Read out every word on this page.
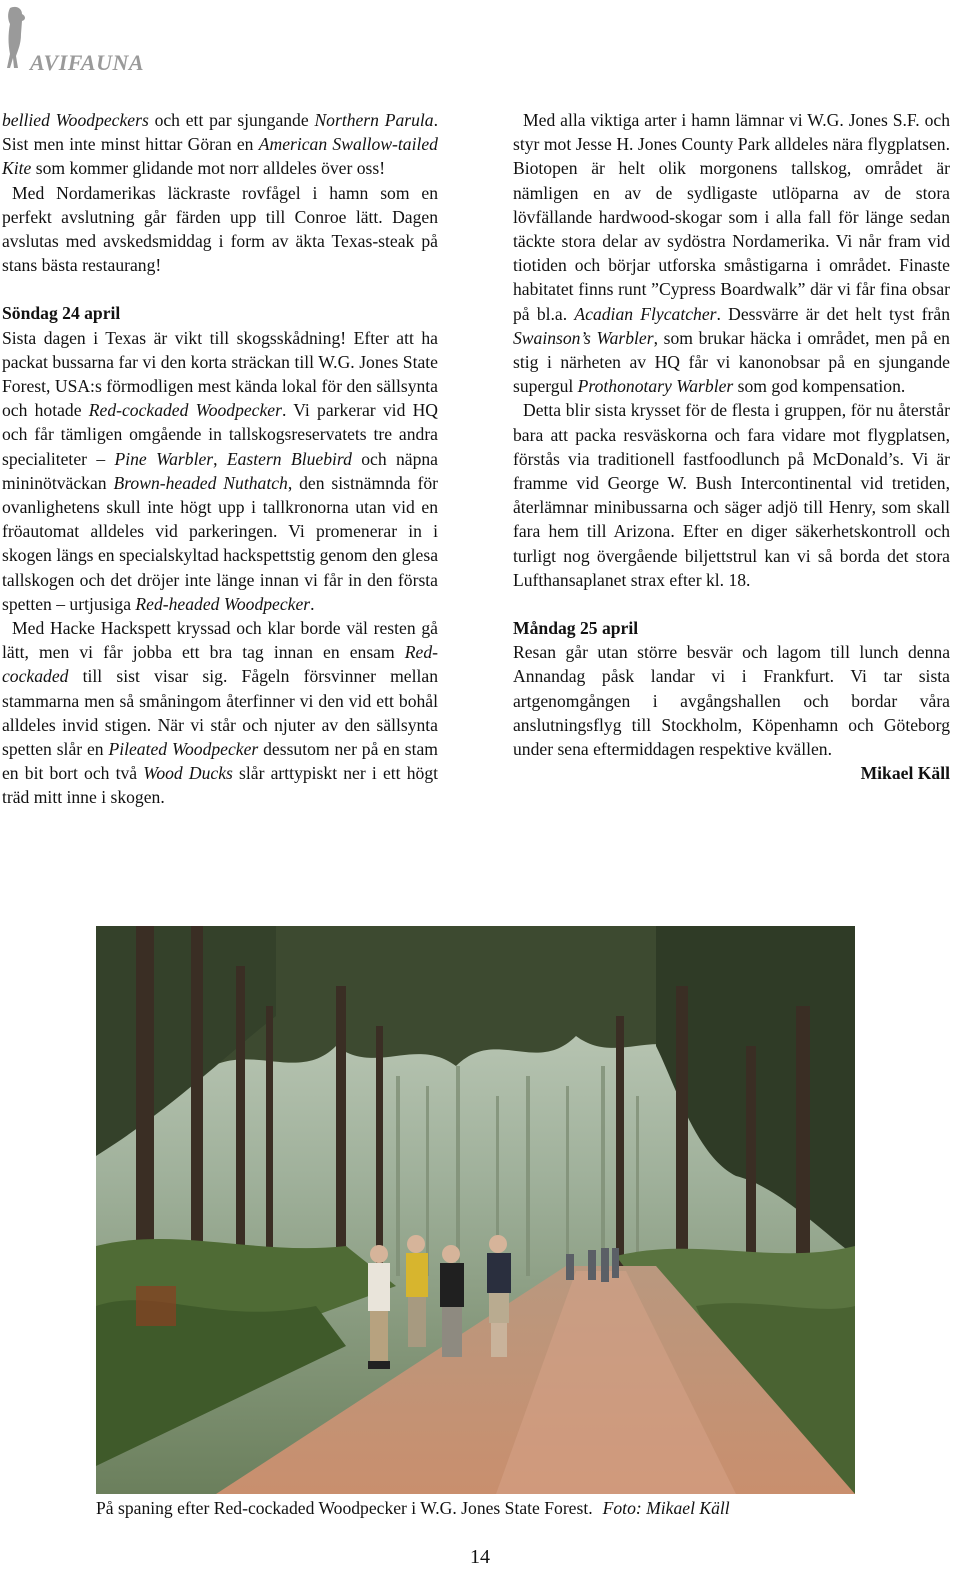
AVIFAUNA

bellied Woodpeckers och ett par sjungande Northern Parula. Sist men inte minst hittar Göran en American Swallow-tailed Kite som kommer glidande mot norr alldeles över oss!

Med Nordamerikas läckraste rovfågel i hamn som en perfekt avslutning går färden upp till Conroe lätt. Dagen avslutas med avskedsmiddag i form av äkta Texas-steak på stans bästa restaurang!

Söndag 24 april

Sista dagen i Texas är vikt till skogsskådning! Efter att ha packat bussarna far vi den korta sträckan till W.G. Jones State Forest, USA:s förmodligen mest kända lokal för den sällsynta och hotade Red-cockaded Woodpecker. Vi parkerar vid HQ och får tämligen omgående in tallskogsreservatets tre andra specialiteter – Pine Warbler, Eastern Bluebird och näpna mininötväckan Brown-headed Nuthatch, den sistnämnda för ovanlighetens skull inte högt upp i tallkronorna utan vid en fröautomat alldeles vid parkeringen. Vi promenerar in i skogen längs en specialskyltad hackspettstig genom den glesa tallskogen och det dröjer inte länge innan vi får in den första spetten – urtjusiga Red-headed Woodpecker.

Med Hacke Hackspett kryssad och klar borde väl resten gå lätt, men vi får jobba ett bra tag innan en ensam Red-cockaded till sist visar sig. Fågeln försvinner mellan stammarna men så småningom återfinner vi den vid ett bohål alldeles invid stigen. När vi står och njuter av den sällsynta spetten slår en Pileated Woodpecker dessutom ner på en stam en bit bort och två Wood Ducks slår arttypiskt ner i ett högt träd mitt inne i skogen.

Med alla viktiga arter i hamn lämnar vi W.G. Jones S.F. och styr mot Jesse H. Jones County Park alldeles nära flygplatsen. Biotopen är helt olik morgonens tallskog, området är nämligen en av de sydligaste utlöparna av de stora lövfällande hardwood-skogar som i alla fall för länge sedan täckte stora delar av sydöstra Nordamerika. Vi når fram vid tiotiden och börjar utforska småstigarna i området. Finaste habitatet finns runt ”Cypress Boardwalk” där vi får fina obsar på bl.a. Acadian Flycatcher. Dessvärre är det helt tyst från Swainson’s Warbler, som brukar häcka i området, men på en stig i närheten av HQ får vi kanonobsar på en sjungande supergul Prothonotary Warbler som god kompensation.

Detta blir sista krysset för de flesta i gruppen, för nu återstår bara att packa resväskorna och fara vidare mot flygplatsen, förstås via traditionell fastfoodlunch på McDonald’s. Vi är framme vid George W. Bush Intercontinental vid tretiden, återlämnar minibussarna och säger adjö till Henry, som skall fara hem till Arizona. Efter en diger säkerhetskontroll och turligt nog övergående biljettstrul kan vi så borda det stora Lufthansaplanet strax efter kl. 18.

Måndag 25 april

Resan går utan större besvär och lagom till lunch denna Annandag påsk landar vi i Frankfurt. Vi tar sista artgenomgången i avgångshallen och bordar våra anslutningsflyg till Stockholm, Köpenhamn och Göteborg under sena eftermiddagen respektive kvällen.

Mikael Käll

På spaning efter Red-cockaded Woodpecker i W.G. Jones State Forest. Foto: Mikael Käll
14
